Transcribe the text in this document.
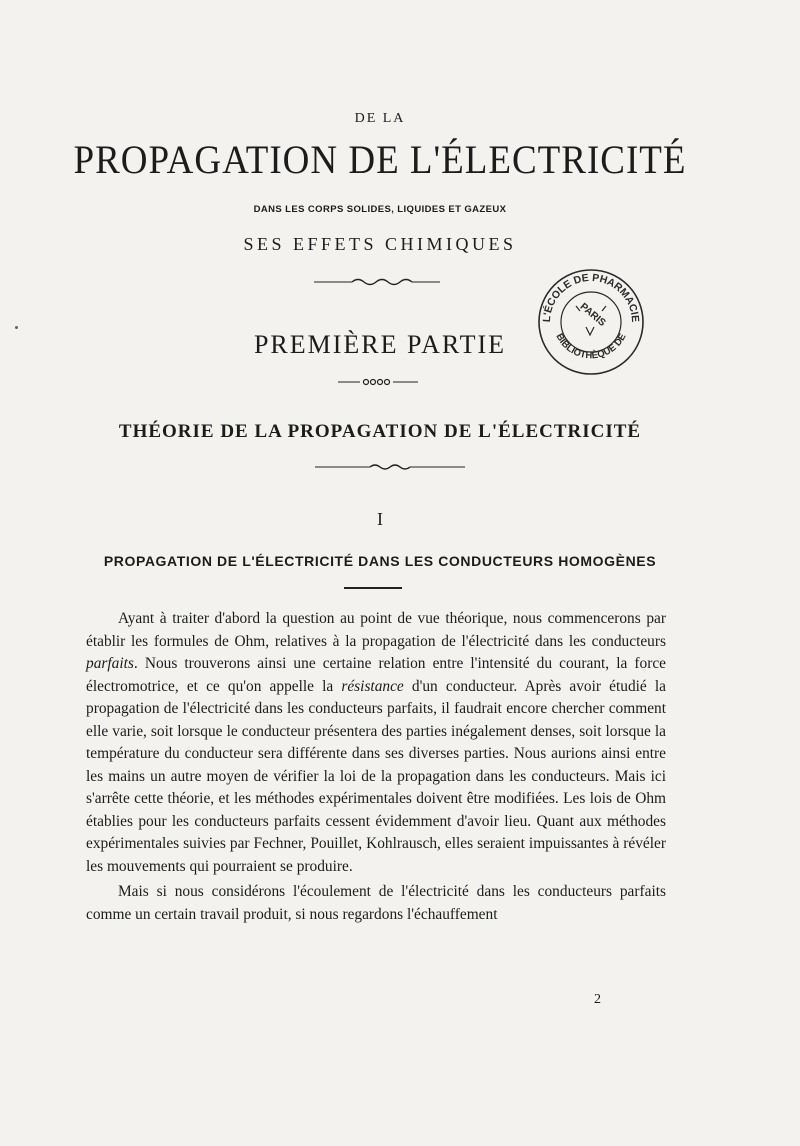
DE LA
PROPAGATION DE L'ÉLECTRICITÉ
DANS LES CORPS SOLIDES, LIQUIDES ET GAZEUX
SES EFFETS CHIMIQUES
PREMIÈRE PARTIE
THÉORIE DE LA PROPAGATION DE L'ÉLECTRICITÉ
I
PROPAGATION DE L'ÉLECTRICITÉ DANS LES CONDUCTEURS HOMOGÈNES

Ayant à traiter d'abord la question au point de vue théorique, nous commencerons par établir les formules de Ohm, relatives à la propagation de l'électricité dans les conducteurs parfaits. Nous trouverons ainsi une certaine relation entre l'intensité du courant, la force électromotrice, et ce qu'on appelle la résistance d'un conducteur. Après avoir étudié la propagation de l'électricité dans les conducteurs parfaits, il faudrait encore chercher comment elle varie, soit lorsque le conducteur présentera des parties inégalement denses, soit lorsque la température du conducteur sera différente dans ses diverses parties. Nous aurions ainsi entre les mains un autre moyen de vérifier la loi de la propagation dans les conducteurs. Mais ici s'arrête cette théorie, et les méthodes expérimentales doivent être modifiées. Les lois de Ohm établies pour les conducteurs parfaits cessent évidemment d'avoir lieu. Quant aux méthodes expérimentales suivies par Fechner, Pouillet, Kohlrausch, elles seraient impuissantes à révéler les mouvements qui pourraient se produire.

Mais si nous considérons l'écoulement de l'électricité dans les conducteurs parfaits comme un certain travail produit, si nous regardons l'échauffement

2
L'ÉCOLE DE PHARMACIE
BIBLIOTHÈQUE DE
PARIS
